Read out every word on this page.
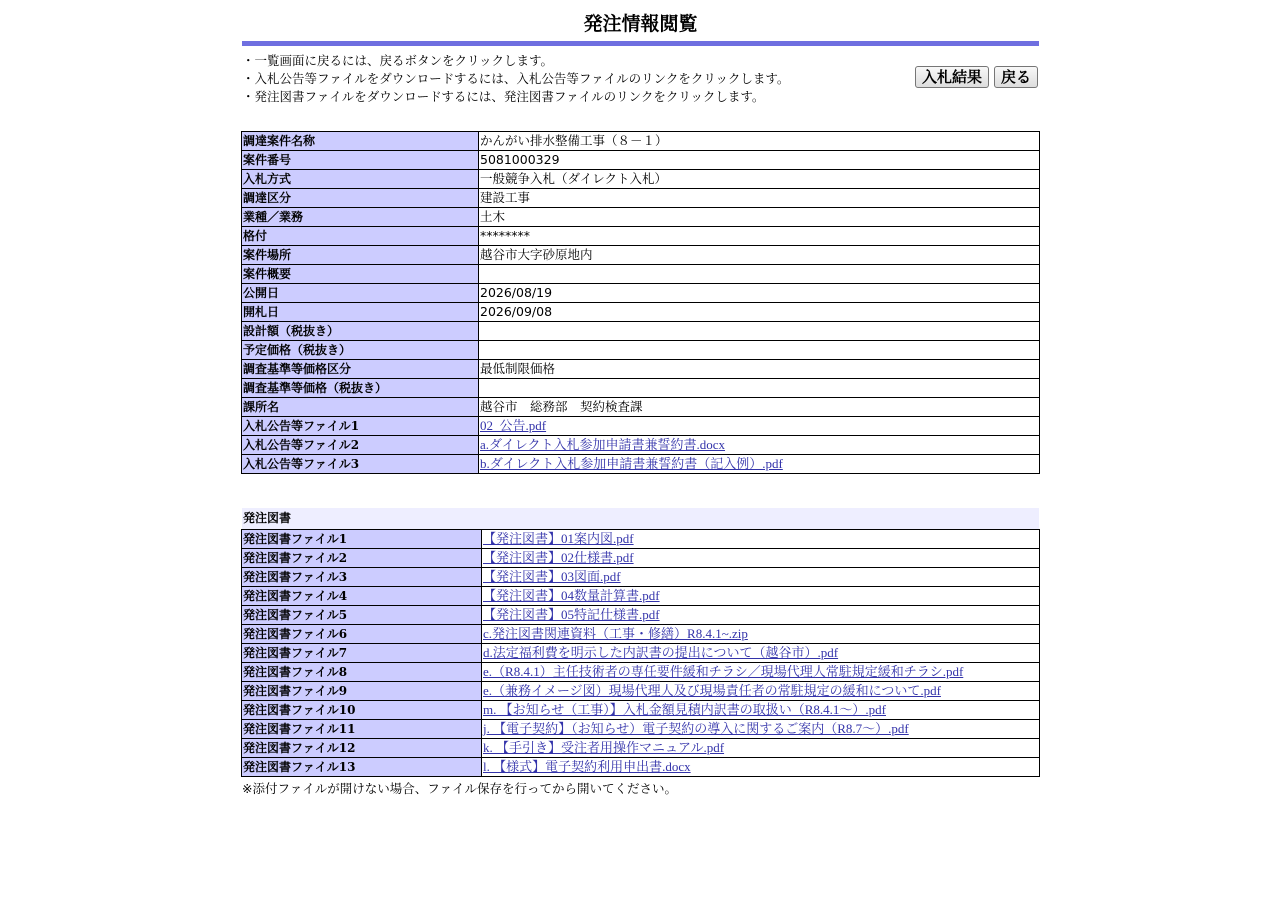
発注情報閲覧
・一覧画面に戻るには、戻るボタンをクリックします。
・入札公告等ファイルをダウンロードするには、入札公告等ファイルのリンクをクリックします。
・発注図書ファイルをダウンロードするには、発注図書ファイルのリンクをクリックします。
入札結果 戻る
調達案件名称	かんがい排水整備工事（８－１）
案件番号	5081000329
入札方式	一般競争入札（ダイレクト入札）
調達区分	建設工事
業種／業務	土木
格付	********
案件場所	越谷市大字砂原地内
案件概要	
公開日	2026/08/19
開札日	2026/09/08
設計額（税抜き）	
予定価格（税抜き）	
調査基準等価格区分	最低制限価格
調査基準等価格（税抜き）	
課所名	越谷市　総務部　契約検査課
入札公告等ファイル1	02_公告.pdf
入札公告等ファイル2	a.ダイレクト入札参加申請書兼誓約書.docx
入札公告等ファイル3	b.ダイレクト入札参加申請書兼誓約書（記入例）.pdf
発注図書
発注図書ファイル1	【発注図書】01案内図.pdf
発注図書ファイル2	【発注図書】02仕様書.pdf
発注図書ファイル3	【発注図書】03図面.pdf
発注図書ファイル4	【発注図書】04数量計算書.pdf
発注図書ファイル5	【発注図書】05特記仕様書.pdf
発注図書ファイル6	c.発注図書関連資料（工事・修繕）R8.4.1~.zip
発注図書ファイル7	d.法定福利費を明示した内訳書の提出について（越谷市）.pdf
発注図書ファイル8	e.（R8.4.1）主任技術者の専任要件緩和チラシ／現場代理人常駐規定緩和チラシ.pdf
発注図書ファイル9	e.（兼務イメージ図）現場代理人及び現場責任者の常駐規定の緩和について.pdf
発注図書ファイル10	m. 【お知らせ（工事）】入札金額見積内訳書の取扱い（R8.4.1～）.pdf
発注図書ファイル11	j. 【電子契約】（お知らせ）電子契約の導入に関するご案内（R8.7～）.pdf
発注図書ファイル12	k. 【手引き】受注者用操作マニュアル.pdf
発注図書ファイル13	l. 【様式】電子契約利用申出書.docx
※添付ファイルが開けない場合、ファイル保存を行ってから開いてください。
